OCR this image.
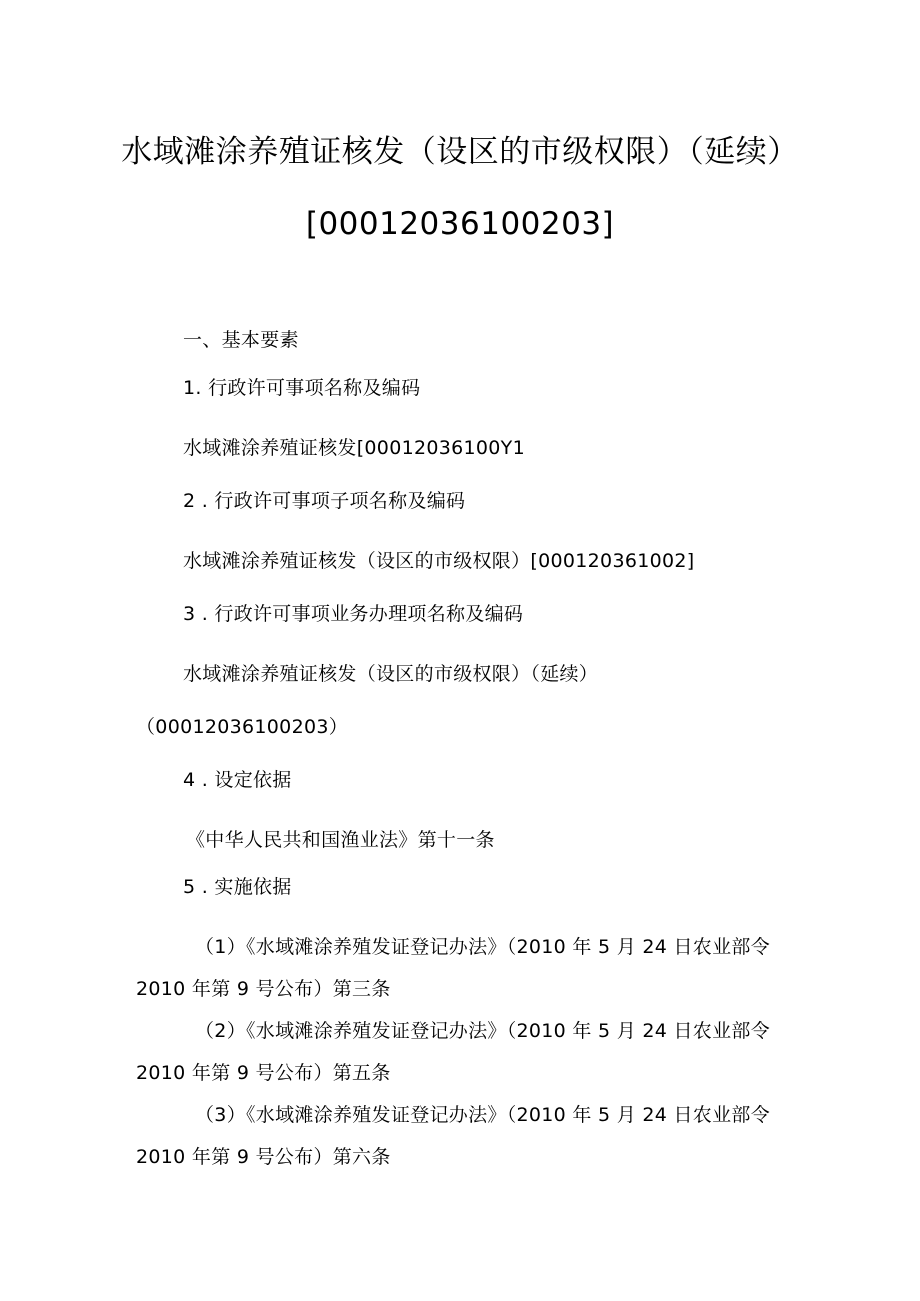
水域滩涂养殖证核发（设区的市级权限）（延续）
[00012036100203]
一、基本要素
1. 行政许可事项名称及编码
水域滩涂养殖证核发[00012036100Y1
2 . 行政许可事项子项名称及编码
水域滩涂养殖证核发（设区的市级权限）[000120361002]
3 . 行政许可事项业务办理项名称及编码
水域滩涂养殖证核发（设区的市级权限）（延续）
（00012036100203）
4 . 设定依据
《中华人民共和国渔业法》第十一条
5 . 实施依据
（1）《水域滩涂养殖发证登记办法》（2010 年 5 月 24 日农业部令
2010 年第 9 号公布）第三条
（2）《水域滩涂养殖发证登记办法》（2010 年 5 月 24 日农业部令
2010 年第 9 号公布）第五条
（3）《水域滩涂养殖发证登记办法》（2010 年 5 月 24 日农业部令
2010 年第 9 号公布）第六条
